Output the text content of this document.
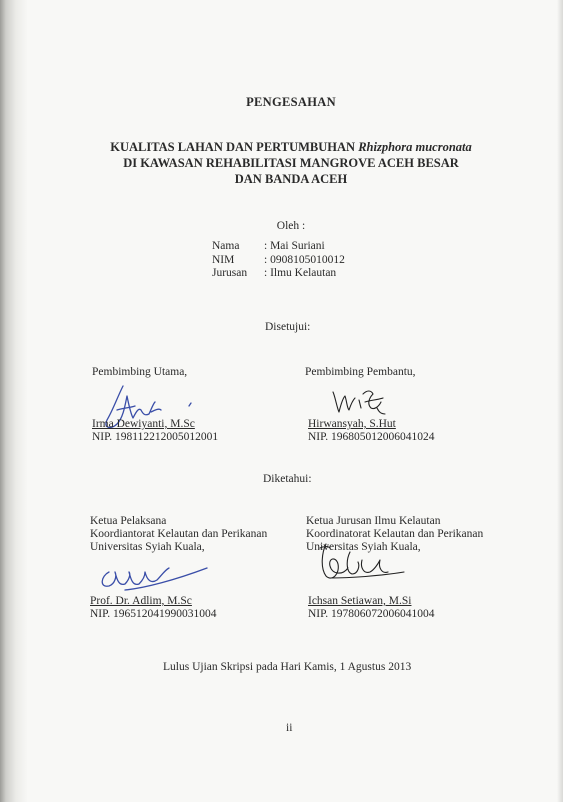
PENGESAHAN
KUALITAS LAHAN DAN PERTUMBUHAN Rhizphora mucronata
DI KAWASAN REHABILITASI MANGROVE ACEH BESAR
DAN BANDA ACEH
Oleh :
Nama	: Mai Suriani
NIM	: 0908105010012
Jurusan	: Ilmu Kelautan
Disetujui:
Pembimbing Utama,	Pembimbing Pembantu,
Irma Dewiyanti, M.Sc
NIP. 198112212005012001
Hirwansyah, S.Hut
NIP. 196805012006041024
Diketahui:
Ketua Pelaksana
Koordiantorat Kelautan dan Perikanan
Universitas Syiah Kuala,
Ketua Jurusan Ilmu Kelautan
Koordinatorat Kelautan dan Perikanan
Universitas Syiah Kuala,
Prof. Dr. Adlim, M.Sc
NIP. 196512041990031004
Ichsan Setiawan, M.Si
NIP. 197806072006041004
Lulus Ujian Skripsi pada Hari Kamis, 1 Agustus 2013
ii
